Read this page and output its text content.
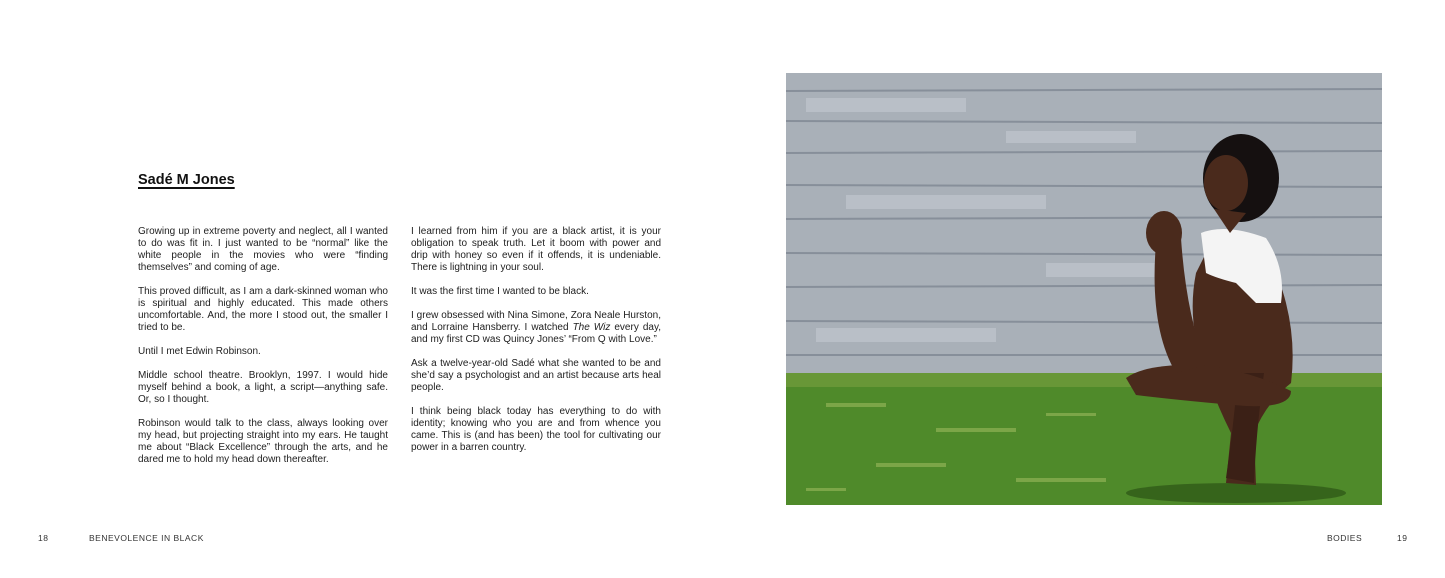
Sadé M Jones

Growing up in extreme poverty and neglect, all I wanted to do was fit in. I just wanted to be “normal” like the white people in the movies who were “finding themselves” and coming of age.

This proved difficult, as I am a dark-skinned woman who is spiritual and highly educated. This made others uncomfortable. And, the more I stood out, the smaller I tried to be.

Until I met Edwin Robinson.

Middle school theatre. Brooklyn, 1997. I would hide myself behind a book, a light, a script—anything safe. Or, so I thought.

Robinson would talk to the class, always looking over my head, but projecting straight into my ears. He taught me about “Black Excellence” through the arts, and he dared me to hold my head down thereafter.

I learned from him if you are a black artist, it is your obligation to speak truth. Let it boom with power and drip with honey so even if it offends, it is undeniable. There is lightning in your soul.

It was the first time I wanted to be black.

I grew obsessed with Nina Simone, Zora Neale Hurston, and Lorraine Hansberry. I watched The Wiz every day, and my first CD was Quincy Jones’ “From Q with Love.”

Ask a twelve-year-old Sadé what she wanted to be and she’d say a psychologist and an artist because arts heal people.

I think being black today has everything to do with identity; knowing who you are and from whence you came. This is (and has been) the tool for cultivating our power in a barren country.

18	BENEVOLENCE IN BLACK	BODIES	19
